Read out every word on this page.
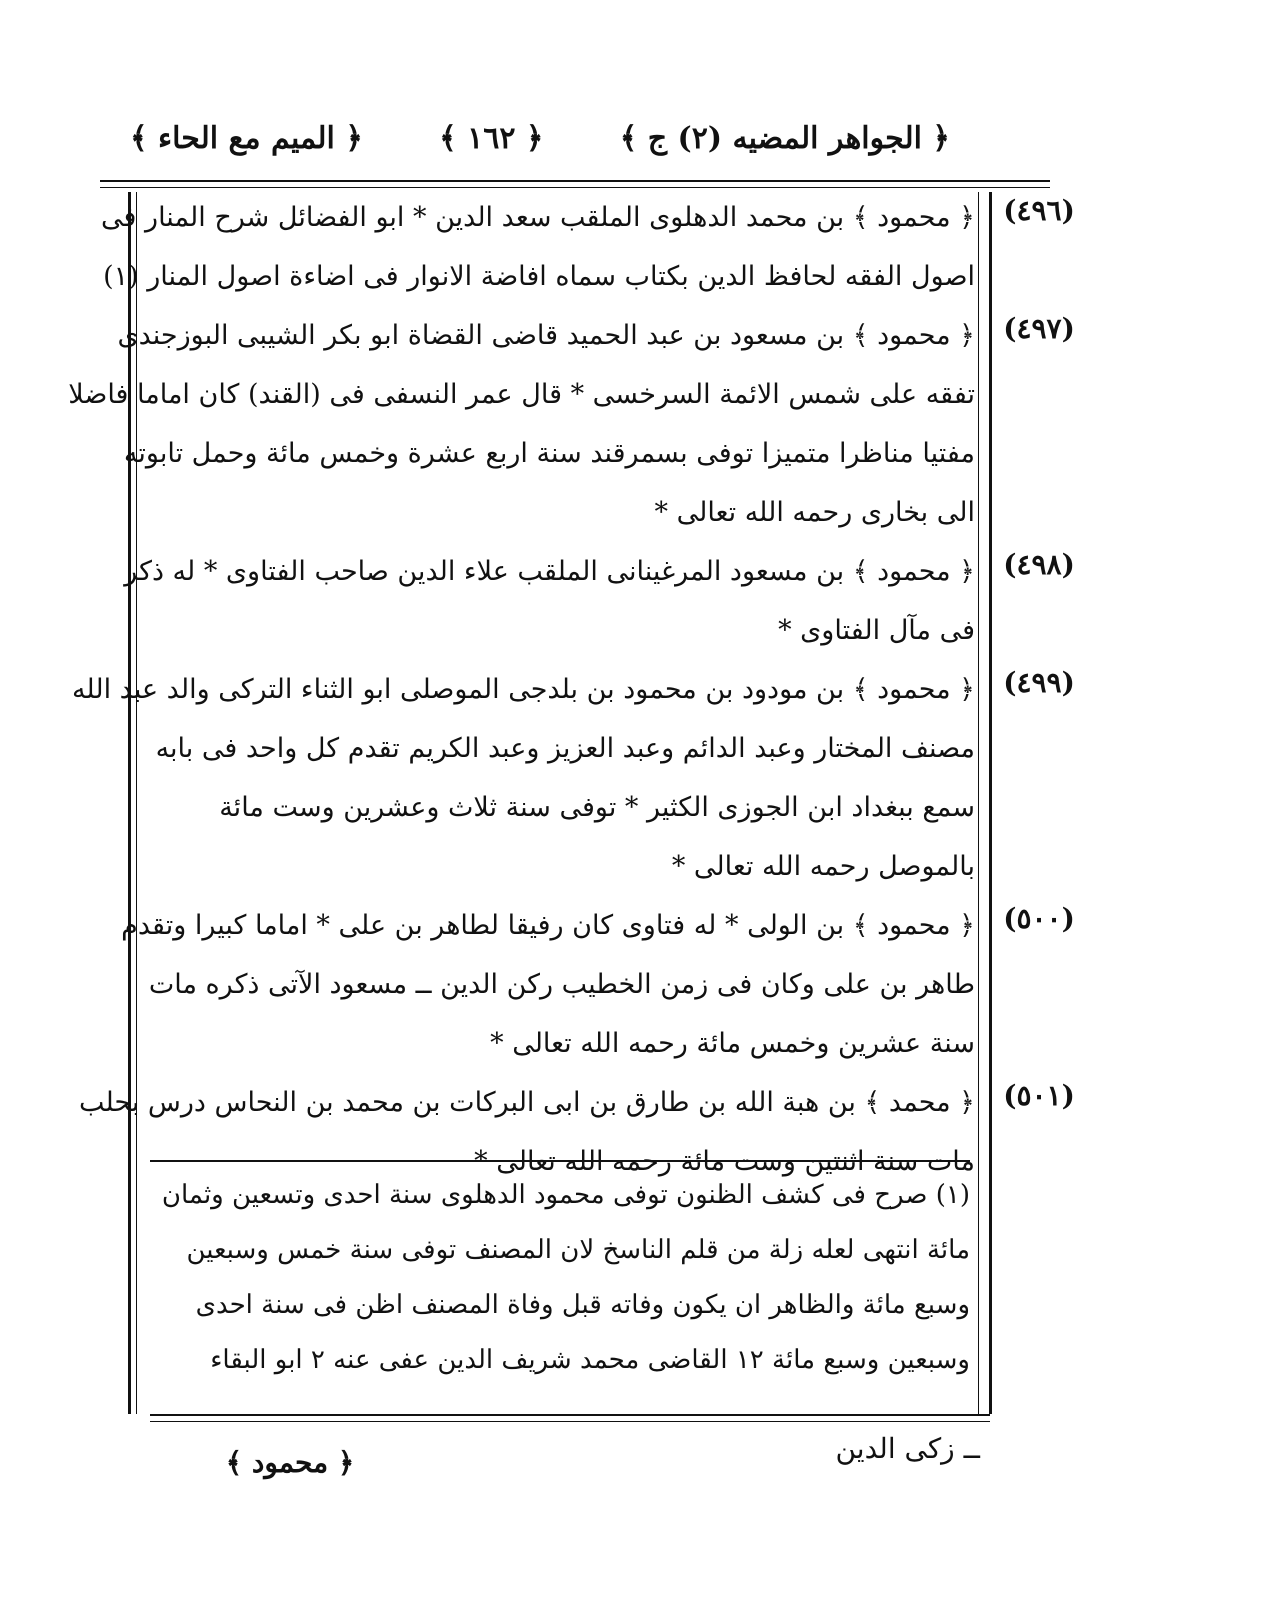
﴿ الجواهر المضيه (٢) ج ﴾
﴿ ١٦٢ ﴾
﴿ الميم مع الحاء ﴾
(٤٩٦)
﴿ محمود ﴾ بن محمد الدهلوی الملقب سعد الدين * ابو الفضائل شرح المنار فی
اصول الفقه لحافظ الدين بكتاب سماه افاضة الانوار فی اضاءة اصول المنار (١)
(٤٩٧)
﴿ محمود ﴾ بن مسعود بن عبد الحميد قاضی القضاة ابو بكر الشيبی البوزجندی
تفقه علی شمس الائمة السرخسی * قال عمر النسفی فی (القند) كان اماما فاضلا
مفتيا مناظرا متميزا توفی بسمرقند سنة اربع عشرة وخمس مائة وحمل تابوته
الی بخاری رحمه الله تعالی *
(٤٩٨)
﴿ محمود ﴾ بن مسعود المرغينانی الملقب علاء الدين صاحب الفتاوی * له ذكر
فی مآل الفتاوی *
(٤٩٩)
﴿ محمود ﴾ بن مودود بن محمود بن بلدجی الموصلی ابو الثناء التركی والد عبد الله
مصنف المختار وعبد الدائم وعبد العزيز وعبد الكريم تقدم كل واحد فی بابه
سمع ببغداد ابن الجوزی الكثير * توفی سنة ثلاث وعشرين وست مائة
بالموصل رحمه الله تعالی *
(٥٠٠)
﴿ محمود ﴾ بن الولی * له فتاوی كان رفيقا لطاهر بن علی * اماما كبيرا وتقدم
طاهر بن علی وكان فی زمن الخطيب ركن الدين ــ مسعود الآتی ذكره مات
سنة عشرين وخمس مائة رحمه الله تعالی *
(٥٠١)
﴿ محمد ﴾ بن هبة الله بن طارق بن ابی البركات بن محمد بن النحاس درس بحلب
مات سنة اثنتين وست مائة رحمه الله تعالی *
(١) صرح فی كشف الظنون توفی محمود الدهلوی سنة احدی وتسعين وثمان
مائة انتهی لعله زلة من قلم الناسخ لان المصنف توفی سنة خمس وسبعين
وسبع مائة والظاهر ان يكون وفاته قبل وفاة المصنف اظن فی سنة احدی
وسبعين وسبع مائة ١٢ القاضی محمد شريف الدين عفی عنه ٢ ابو البقاء
ــ زكی الدين
﴿ محمود ﴾
